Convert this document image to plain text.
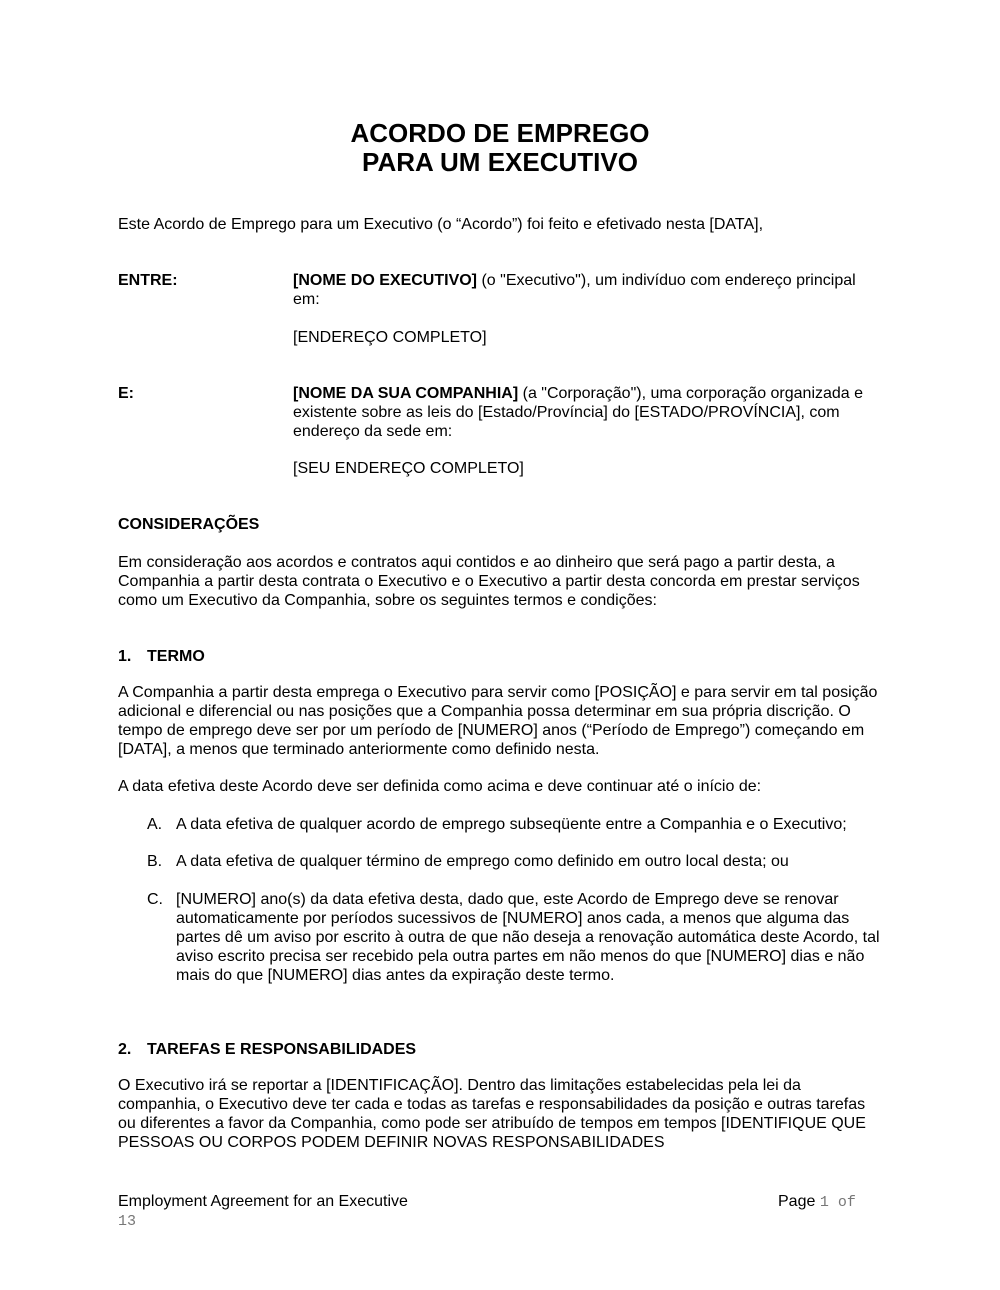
ACORDO DE EMPREGO
PARA UM EXECUTIVO
Este Acordo de Emprego para um Executivo (o “Acordo”) foi feito e efetivado nesta [DATA],
ENTRE:	[NOME DO EXECUTIVO] (o "Executivo"), um indivíduo com endereço principal em:
[ENDEREÇO COMPLETO]
E:	[NOME DA SUA COMPANHIA] (a "Corporação"), uma corporação organizada e existente sobre as leis do [Estado/Província] do [ESTADO/PROVÍNCIA], com endereço da sede em:
[SEU ENDEREÇO COMPLETO]
CONSIDERAÇÕES
Em consideração aos acordos e contratos aqui contidos e ao dinheiro que será pago a partir desta, a Companhia a partir desta contrata o Executivo e o Executivo a partir desta concorda em prestar serviços como um Executivo da Companhia, sobre os seguintes termos e condições:
1. TERMO
A Companhia a partir desta emprega o Executivo para servir como [POSIÇÃO] e para servir em tal posição adicional e diferencial ou nas posições que a Companhia possa determinar em sua própria discrição. O tempo de emprego deve ser por um período de [NUMERO] anos (“Período de Emprego”) começando em [DATA], a menos que terminado anteriormente como definido nesta.
A data efetiva deste Acordo deve ser definida como acima e deve continuar até o início de:
A. A data efetiva de qualquer acordo de emprego subseqüente entre a Companhia e o Executivo;
B. A data efetiva de qualquer término de emprego como definido em outro local desta; ou
C. [NUMERO] ano(s) da data efetiva desta, dado que, este Acordo de Emprego deve se renovar automaticamente por períodos sucessivos de [NUMERO] anos cada, a menos que alguma das partes dê um aviso por escrito à outra de que não deseja a renovação automática deste Acordo, tal aviso escrito precisa ser recebido pela outra partes em não menos do que [NUMERO] dias e não mais do que [NUMERO] dias antes da expiração deste termo.
2. TAREFAS E RESPONSABILIDADES
O Executivo irá se reportar a [IDENTIFICAÇÃO]. Dentro das limitações estabelecidas pela lei da companhia, o Executivo deve ter cada e todas as tarefas e responsabilidades da posição e outras tarefas ou diferentes a favor da Companhia, como pode ser atribuído de tempos em tempos [IDENTIFIQUE QUE PESSOAS OU CORPOS PODEM DEFINIR NOVAS RESPONSABILIDADES
Employment Agreement for an Executive	Page 1 of
13
